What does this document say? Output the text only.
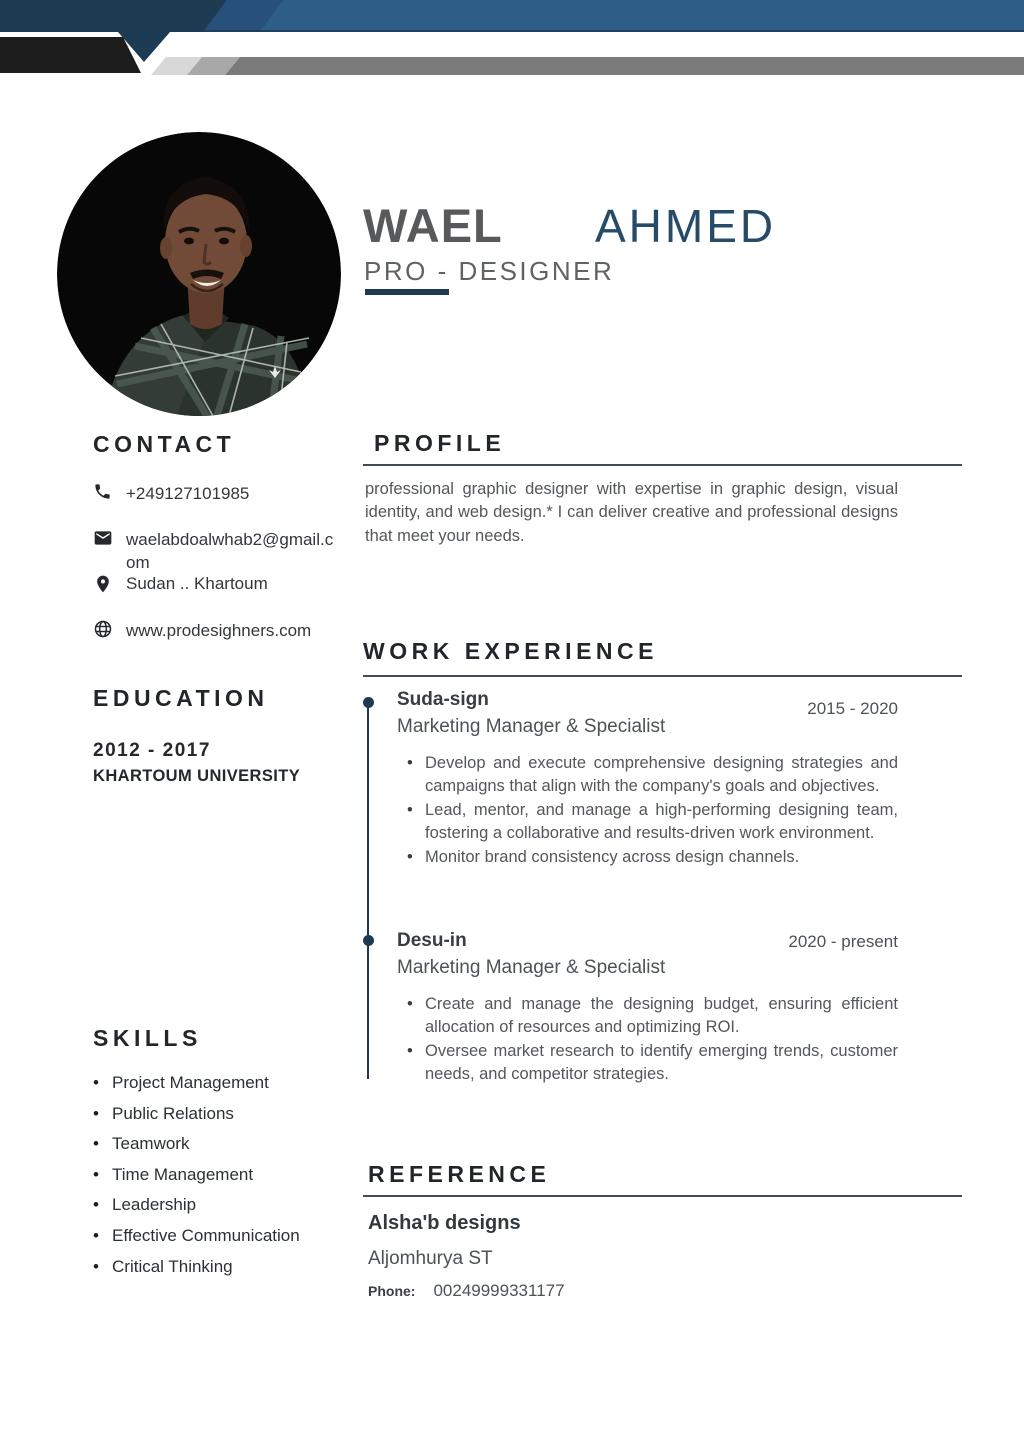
WAEL AHMED
PRO - DESIGNER
CONTACT
+249127101985
waelabdoalwhab2@gmail.com
Sudan .. Khartoum
www.prodesighners.com
EDUCATION
2012 - 2017
KHARTOUM UNIVERSITY
SKILLS
• Project Management
• Public Relations
• Teamwork
• Time Management
• Leadership
• Effective Communication
• Critical Thinking
PROFILE
professional graphic designer with expertise in graphic design, visual identity, and web design.* I can deliver creative and professional designs that meet your needs.
WORK EXPERIENCE
Suda-sign	2015 - 2020
Marketing Manager & Specialist
• Develop and execute comprehensive designing strategies and campaigns that align with the company's goals and objectives.
• Lead, mentor, and manage a high-performing designing team, fostering a collaborative and results-driven work environment.
• Monitor brand consistency across design channels.
Desu-in	2020 - present
Marketing Manager & Specialist
• Create and manage the designing budget, ensuring efficient allocation of resources and optimizing ROI.
• Oversee market research to identify emerging trends, customer needs, and competitor strategies.
REFERENCE
Alsha'b designs
Aljomhurya ST
Phone: 00249999331177
